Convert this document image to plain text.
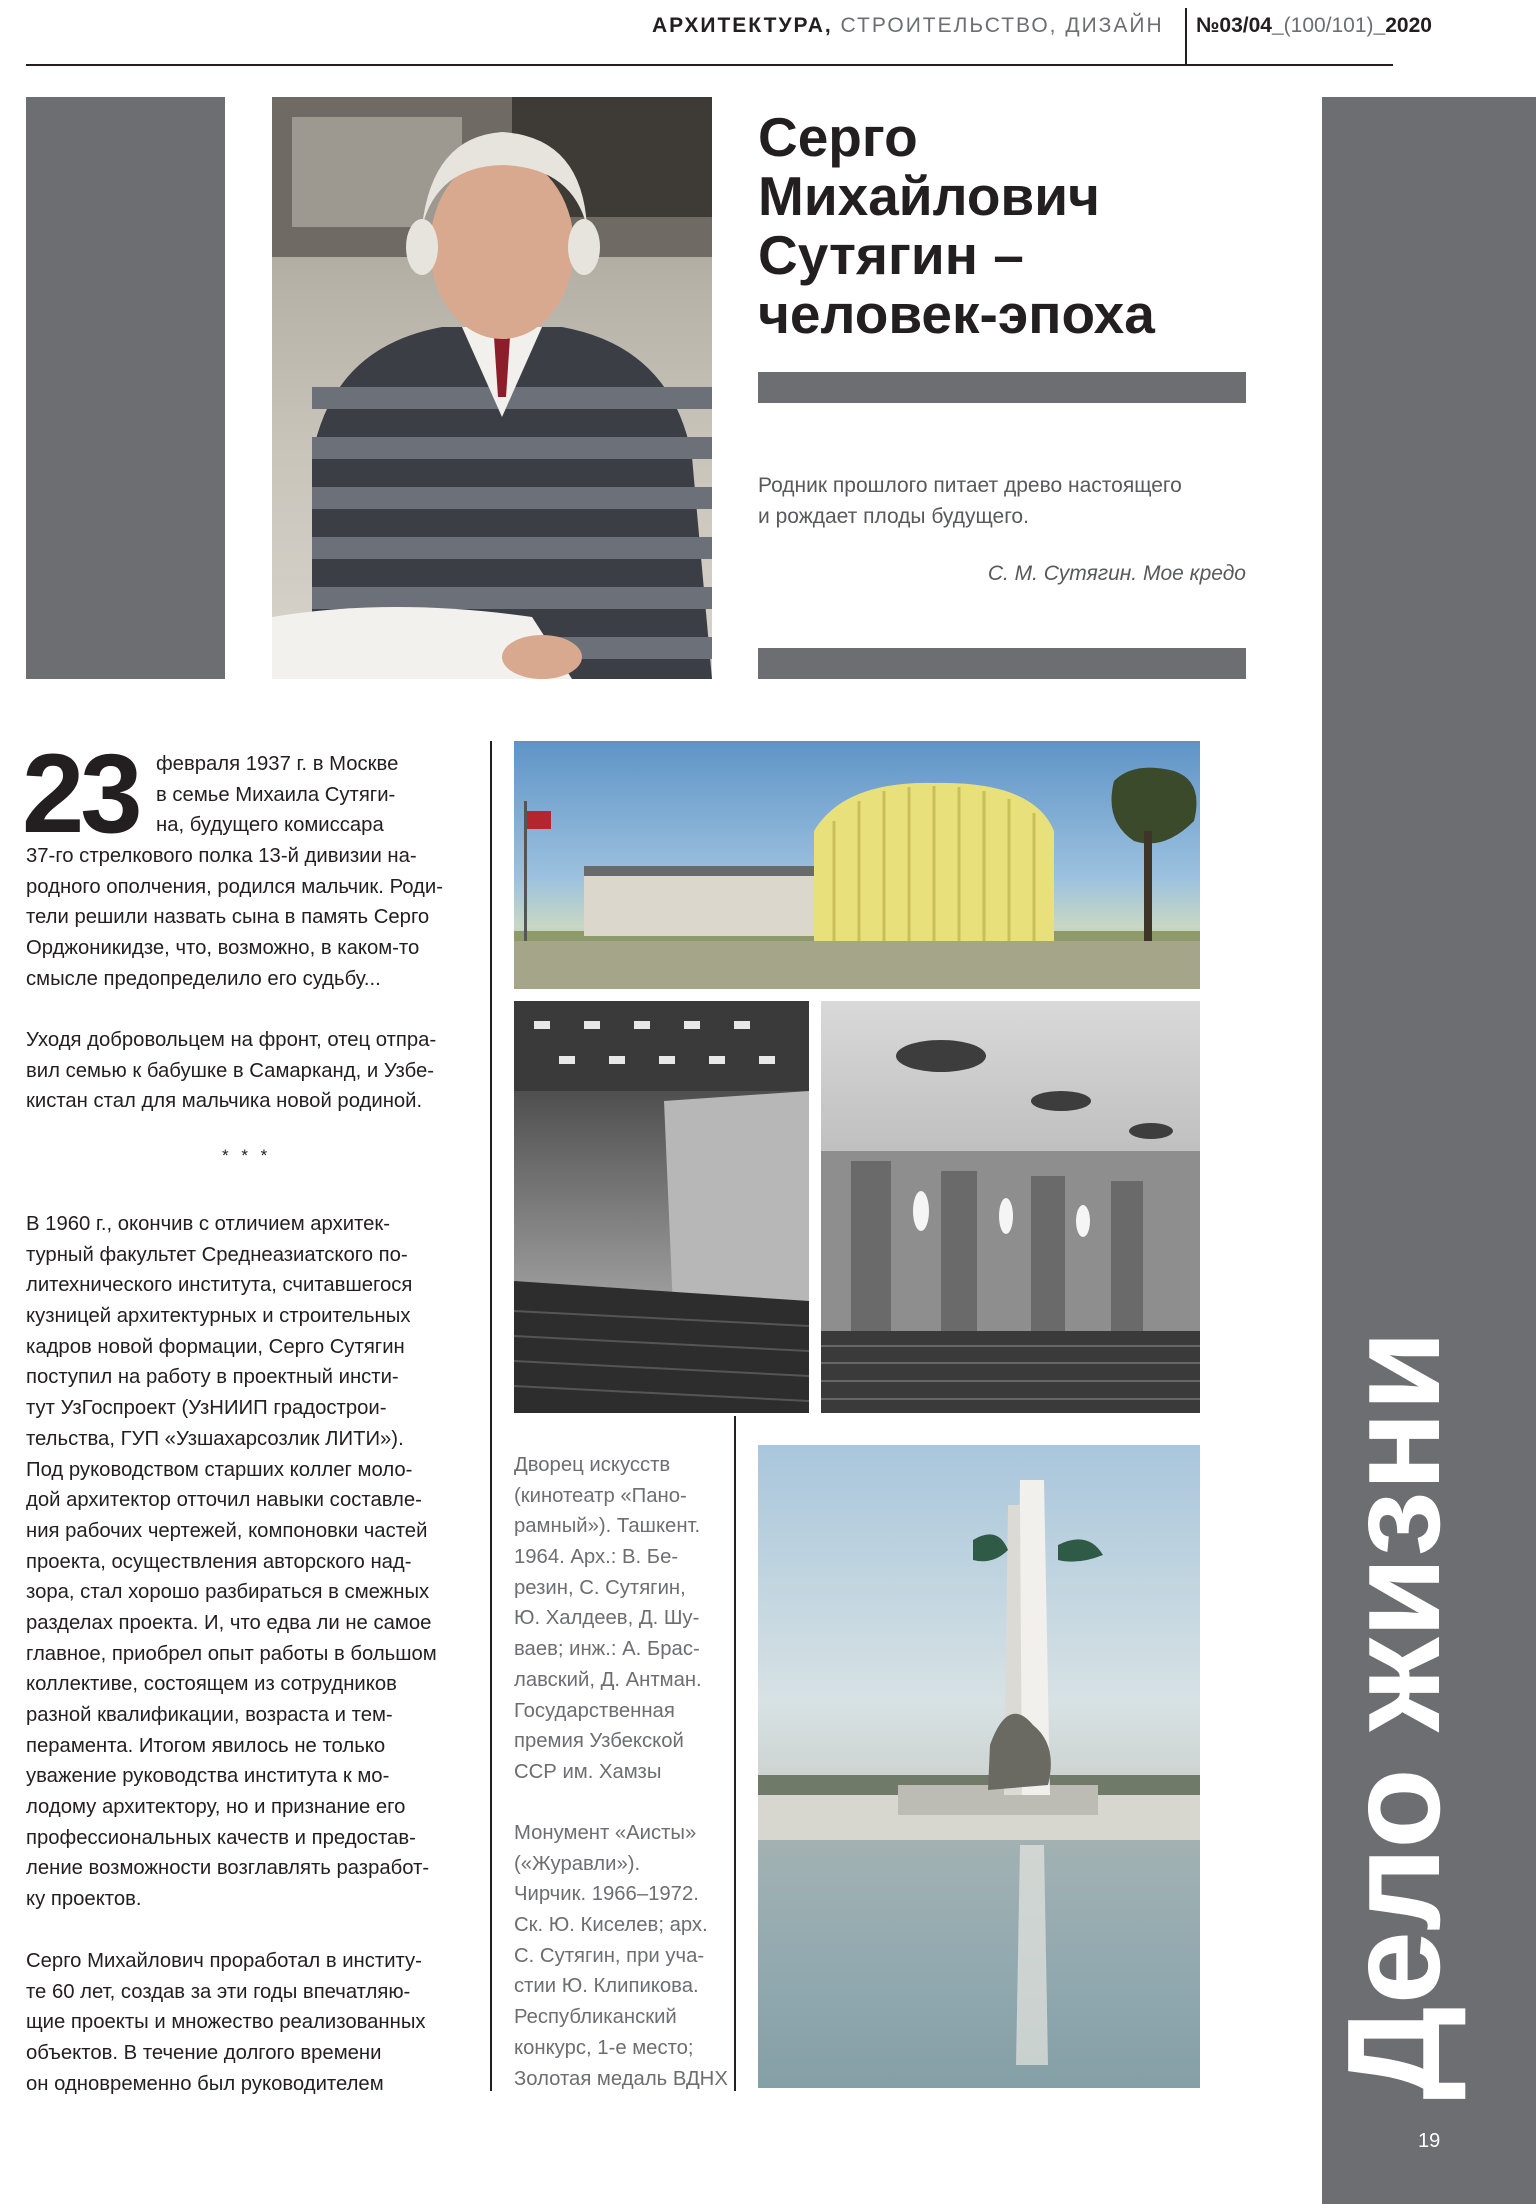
АРХИТЕКТУРА, СТРОИТЕЛЬСТВО, ДИЗАЙН №03/04_(100/101)_2020
Серго
Михайлович
Сутягин –
человек-эпоха
Родник прошлого питает древо настоящего
и рождает плоды будущего.
С. М. Сутягин. Мое кредо
Дело жизни
19
23 февраля 1937 г. в Москве
в семье Михаила Сутяги-
на, будущего комиссара
37-го стрелкового полка 13-й дивизии на-
родного ополчения, родился мальчик. Роди-
тели решили назвать сына в память Серго
Орджоникидзе, что, возможно, в каком-то
смысле предопределило его судьбу...
Уходя добровольцем на фронт, отец отпра-
вил семью к бабушке в Самарканд, и Узбе-
кистан стал для мальчика новой родиной.
* * *
В 1960 г., окончив с отличием архитек-
турный факультет Среднеазиатского по-
литехнического института, считавшегося
кузницей архитектурных и строительных
кадров новой формации, Серго Сутягин
поступил на работу в проектный инсти-
тут УзГоспроект (УзНИИП градострои-
тельства, ГУП «Узшахарсозлик ЛИТИ»).
Под руководством старших коллег моло-
дой архитектор отточил навыки составле-
ния рабочих чертежей, компоновки частей
проекта, осуществления авторского над-
зора, стал хорошо разбираться в смежных
разделах проекта. И, что едва ли не самое
главное, приобрел опыт работы в большом
коллективе, состоящем из сотрудников
разной квалификации, возраста и тем-
перамента. Итогом явилось не только
уважение руководства института к мо-
лодому архитектору, но и признание его
профессиональных качеств и предостав-
ление возможности возглавлять разработ-
ку проектов.
Серго Михайлович проработал в институ-
те 60 лет, создав за эти годы впечатляю-
щие проекты и множество реализованных
объектов. В течение долгого времени
он одновременно был руководителем
Дворец искусств
(кинотеатр «Пано-
рамный»). Ташкент.
1964. Арх.: В. Бе-
резин, С. Сутягин,
Ю. Халдеев, Д. Шу-
ваев; инж.: А. Брас-
лавский, Д. Антман.
Государственная
премия Узбекской
ССР им. Хамзы
Монумент «Аисты»
(«Журавли»).
Чирчик. 1966–1972.
Ск. Ю. Киселев; арх.
С. Сутягин, при уча-
стии Ю. Клипикова.
Республиканский
конкурс, 1-е место;
Золотая медаль ВДНХ
